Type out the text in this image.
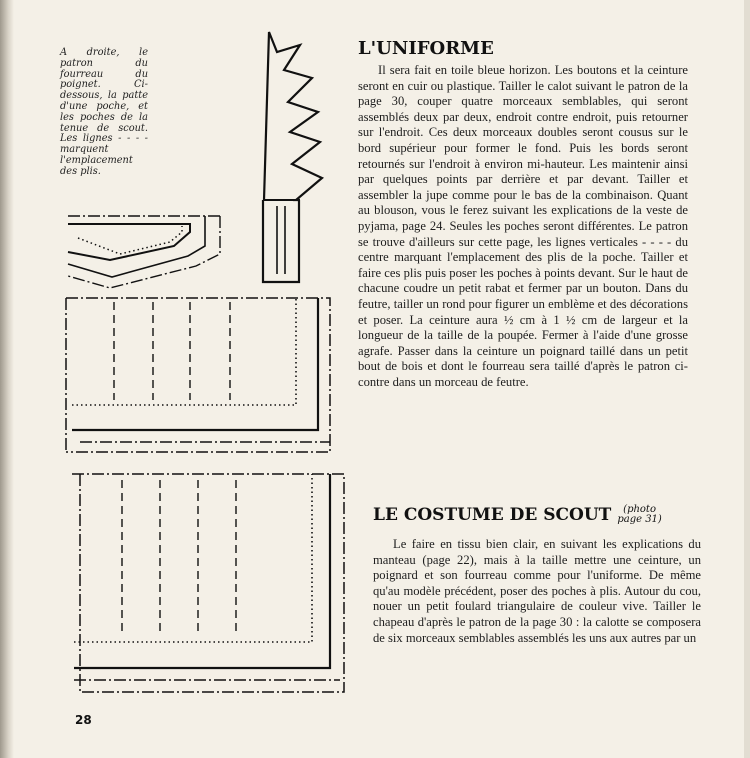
A droite, le patron du fourreau du poignet. Ci-dessous, la patte d'une poche, et les poches de la tenue de scout. Les lignes - - - - marquent l'emplacement des plis.

L'UNIFORME

Il sera fait en toile bleue horizon. Les boutons et la ceinture seront en cuir ou plastique. Tailler le calot suivant le patron de la page 30, couper quatre morceaux semblables, qui seront assemblés deux par deux, endroit contre endroit, puis retourner sur l'endroit. Ces deux morceaux doubles seront cousus sur le bord supérieur pour former le fond. Puis les bords seront retournés sur l'endroit à environ mi-hauteur. Les maintenir ainsi par quelques points par derrière et par devant. Tailler et assembler la jupe comme pour le bas de la combinaison. Quant au blouson, vous le ferez suivant les explications de la veste de pyjama, page 24. Seules les poches seront différentes. Le patron se trouve d'ailleurs sur cette page, les lignes verticales - - - - du centre marquant l'emplacement des plis de la poche. Tailler et faire ces plis puis poser les poches à points devant. Sur le haut de chacune coudre un petit rabat et fermer par un bouton. Dans du feutre, tailler un rond pour figurer un emblème et des décorations et poser. La ceinture aura ½ cm à 1 ½ cm de largeur et la longueur de la taille de la poupée. Fermer à l'aide d'une grosse agrafe. Passer dans la ceinture un poignard taillé dans un petit bout de bois et dont le fourreau sera taillé d'après le patron ci-contre dans un morceau de feutre.

LE COSTUME DE SCOUT (photo
page 31)

Le faire en tissu bien clair, en suivant les explications du manteau (page 22), mais à la taille mettre une ceinture, un poignard et son fourreau comme pour l'uniforme. De même qu'au modèle précédent, poser des poches à plis. Autour du cou, nouer un petit foulard triangulaire de couleur vive. Tailler le chapeau d'après le patron de la page 30 : la calotte se composera de six morceaux semblables assemblés les uns aux autres par un

28
